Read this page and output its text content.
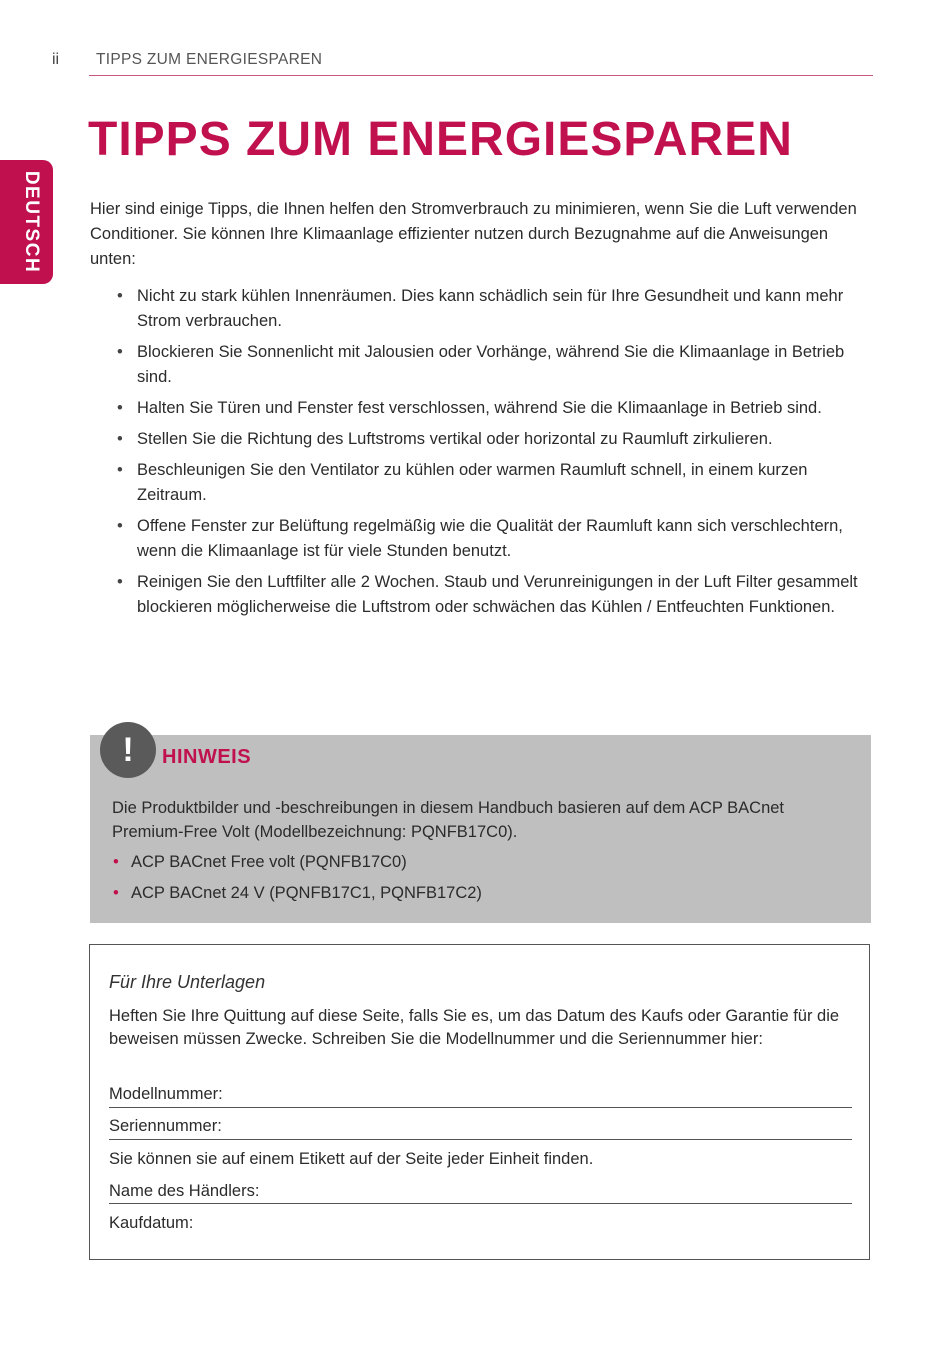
ii TIPPS ZUM ENERGIESPAREN
DEUTSCH
TIPPS ZUM ENERGIESPAREN

Hier sind einige Tipps, die Ihnen helfen den Stromverbrauch zu minimieren, wenn Sie die Luft verwenden Conditioner. Sie können Ihre Klimaanlage effizienter nutzen durch Bezugnahme auf die Anweisungen unten:

• Nicht zu stark kühlen Innenräumen. Dies kann schädlich sein für Ihre Gesundheit und kann mehr Strom verbrauchen.
• Blockieren Sie Sonnenlicht mit Jalousien oder Vorhänge, während Sie die Klimaanlage in Betrieb sind.
• Halten Sie Türen und Fenster fest verschlossen, während Sie die Klimaanlage in Betrieb sind.
• Stellen Sie die Richtung des Luftstroms vertikal oder horizontal zu Raumluft zirkulieren.
• Beschleunigen Sie den Ventilator zu kühlen oder warmen Raumluft schnell, in einem kurzen Zeitraum.
• Offene Fenster zur Belüftung regelmäßig wie die Qualität der Raumluft kann sich verschlechtern, wenn die Klimaanlage ist für viele Stunden benutzt.
• Reinigen Sie den Luftfilter alle 2 Wochen. Staub und Verunreinigungen in der Luft Filter gesammelt blockieren möglicherweise die Luftstrom oder schwächen das Kühlen / Entfeuchten Funktionen.
!	HINWEIS

Die Produktbilder und -beschreibungen in diesem Handbuch basieren auf dem ACP BACnet Premium-Free Volt (Modellbezeichnung: PQNFB17C0).

• ACP BACnet Free volt (PQNFB17C0)
• ACP BACnet 24 V (PQNFB17C1, PQNFB17C2)
Für Ihre Unterlagen

Heften Sie Ihre Quittung auf diese Seite, falls Sie es, um das Datum des Kaufs oder Garantie für die beweisen müssen Zwecke. Schreiben Sie die Modellnummer und die Seriennummer hier:

Modellnummer:
Seriennummer:
Sie können sie auf einem Etikett auf der Seite jeder Einheit finden.
Name des Händlers:
Kaufdatum:
